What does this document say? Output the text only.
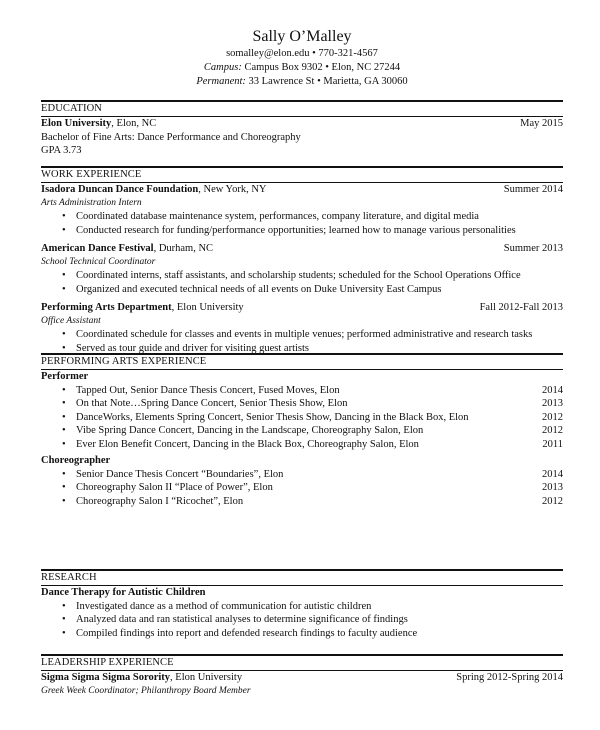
Sally O’Malley
somalley@elon.edu • 770-321-4567
Campus: Campus Box 9302 • Elon, NC 27244
Permanent: 33 Lawrence St • Marietta, GA 30060
EDUCATION
Elon University, Elon, NC	May 2015
Bachelor of Fine Arts: Dance Performance and Choreography
GPA 3.73
WORK EXPERIENCE
Isadora Duncan Dance Foundation, New York, NY	Summer 2014
Arts Administration Intern
• Coordinated database maintenance system, performances, company literature, and digital media
• Conducted research for funding/performance opportunities; learned how to manage various personalities
American Dance Festival, Durham, NC	Summer 2013
School Technical Coordinator
• Coordinated interns, staff assistants, and scholarship students; scheduled for the School Operations Office
• Organized and executed technical needs of all events on Duke University East Campus
Performing Arts Department, Elon University	Fall 2012-Fall 2013
Office Assistant
• Coordinated schedule for classes and events in multiple venues; performed administrative and research tasks
• Served as tour guide and driver for visiting guest artists
PERFORMING ARTS EXPERIENCE
Performer
• Tapped Out, Senior Dance Thesis Concert, Fused Moves, Elon	2014
• On that Note…Spring Dance Concert, Senior Thesis Show, Elon	2013
• DanceWorks, Elements Spring Concert, Senior Thesis Show, Dancing in the Black Box, Elon	2012
• Vibe Spring Dance Concert, Dancing in the Landscape, Choreography Salon, Elon	2012
• Ever Elon Benefit Concert, Dancing in the Black Box, Choreography Salon, Elon	2011
Choreographer
• Senior Dance Thesis Concert “Boundaries”, Elon	2014
• Choreography Salon II “Place of Power”, Elon	2013
• Choreography Salon I “Ricochet”, Elon	2012
RESEARCH
Dance Therapy for Autistic Children
• Investigated dance as a method of communication for autistic children
• Analyzed data and ran statistical analyses to determine significance of findings
• Compiled findings into report and defended research findings to faculty audience
LEADERSHIP EXPERIENCE
Sigma Sigma Sigma Sorority, Elon University	Spring 2012-Spring 2014
Greek Week Coordinator; Philanthropy Board Member
